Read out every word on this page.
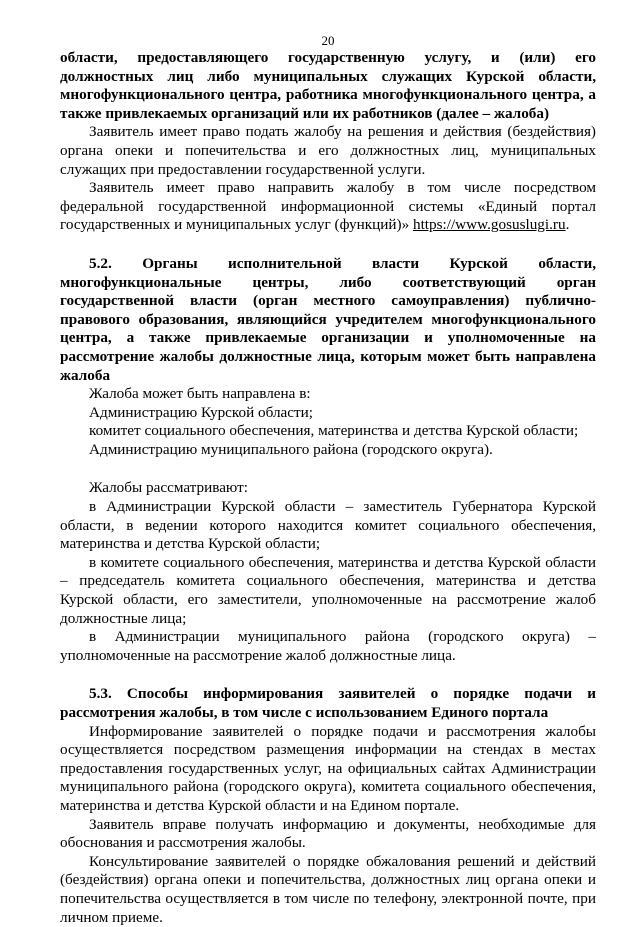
20

области, предоставляющего государственную услугу, и (или) его должностных лиц либо муниципальных служащих Курской области, многофункционального центра, работника многофункционального центра, а также привлекаемых организаций или их работников (далее – жалоба)

Заявитель имеет право подать жалобу на решения и действия (бездействия) органа опеки и попечительства и его должностных лиц, муниципальных служащих при предоставлении государственной услуги.

Заявитель имеет право направить жалобу в том числе посредством федеральной государственной информационной системы «Единый портал государственных и муниципальных услуг (функций)» https://www.gosuslugi.ru.

5.2. Органы исполнительной власти Курской области, многофункциональные центры, либо соответствующий орган государственной власти (орган местного самоуправления) публично-правового образования, являющийся учредителем многофункционального центра, а также привлекаемые организации и уполномоченные на рассмотрение жалобы должностные лица, которым может быть направлена жалоба

Жалоба может быть направлена в:

Администрацию Курской области;

комитет социального обеспечения, материнства и детства Курской области;

Администрацию муниципального района (городского округа).

Жалобы рассматривают:

в Администрации Курской области – заместитель Губернатора Курской области, в ведении которого находится комитет социального обеспечения, материнства и детства Курской области;

в комитете социального обеспечения, материнства и детства Курской области – председатель комитета социального обеспечения, материнства и детства Курской области, его заместители, уполномоченные на рассмотрение жалоб должностные лица;

в Администрации муниципального района (городского округа) – уполномоченные на рассмотрение жалоб должностные лица.

5.3. Способы информирования заявителей о порядке подачи и рассмотрения жалобы, в том числе с использованием Единого портала

Информирование заявителей о порядке подачи и рассмотрения жалобы осуществляется посредством размещения информации на стендах в местах предоставления государственных услуг, на официальных сайтах Администрации муниципального района (городского округа), комитета социального обеспечения, материнства и детства Курской области и на Едином портале.

Заявитель вправе получать информацию и документы, необходимые для обоснования и рассмотрения жалобы.

Консультирование заявителей о порядке обжалования решений и действий (бездействия) органа опеки и попечительства, должностных лиц органа опеки и попечительства осуществляется в том числе по телефону, электронной почте, при личном приеме.
